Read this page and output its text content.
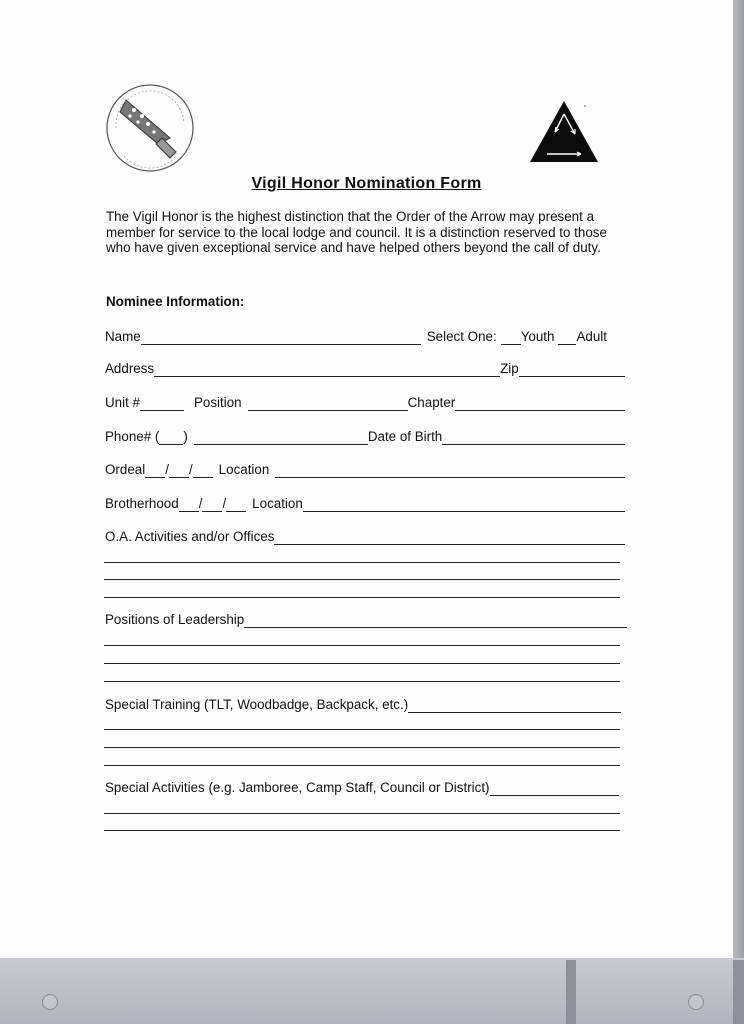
Vigil Honor Nomination Form
The Vigil Honor is the highest distinction that the Order of the Arrow may present a member for service to the local lodge and council. It is a distinction reserved to those who have given exceptional service and have helped others beyond the call of duty.
Nominee Information:
Name	Select One: Youth Adult
Address	Zip
Unit #	Position	Chapter
Phone# ( )	Date of Birth
Ordeal / / Location
Brotherhood / / Location
O.A. Activities and/or Offices
Positions of Leadership
Special Training (TLT, Woodbadge, Backpack, etc.)
Special Activities (e.g. Jamboree, Camp Staff, Council or District)
